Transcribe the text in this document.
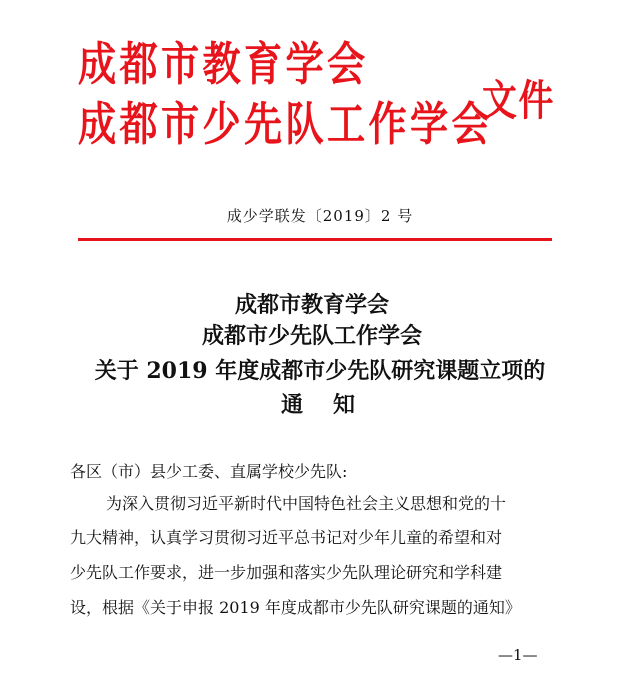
成都市教育学会
成都市少先队工作学会
文件
成少学联发〔2019〕2 号
成都市教育学会
成都市少先队工作学会
关于 2019 年度成都市少先队研究课题立项的
通　知
各区（市）县少工委、直属学校少先队:
为深入贯彻习近平新时代中国特色社会主义思想和党的十
九大精神，认真学习贯彻习近平总书记对少年儿童的希望和对
少先队工作要求，进一步加强和落实少先队理论研究和学科建
设，根据《关于申报 2019 年度成都市少先队研究课题的通知》
—1—
